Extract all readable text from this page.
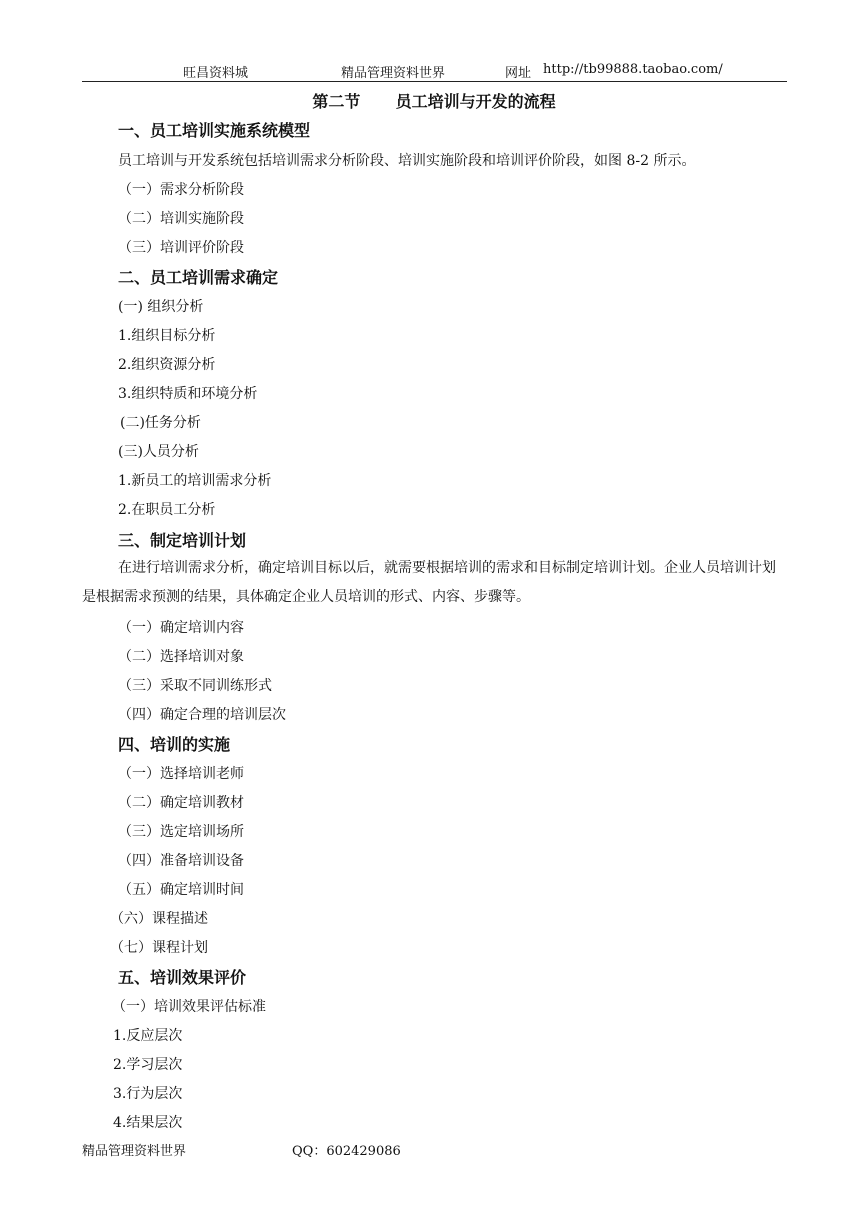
旺昌资料城	精品管理资料世界	网址 http://tb99888.taobao.com/
第二节 员工培训与开发的流程
一、员工培训实施系统模型
员工培训与开发系统包括培训需求分析阶段、培训实施阶段和培训评价阶段，如图 8-2 所示。
（一）需求分析阶段
（二）培训实施阶段
（三）培训评价阶段
二、员工培训需求确定
(一) 组织分析
1.组织目标分析
2.组织资源分析
3.组织特质和环境分析
(二)任务分析
(三)人员分析
1.新员工的培训需求分析
2.在职员工分析
三、制定培训计划
在进行培训需求分析，确定培训目标以后，就需要根据培训的需求和目标制定培训计划。企业人员培训计划是根据需求预测的结果，具体确定企业人员培训的形式、内容、步骤等。
（一）确定培训内容
（二）选择培训对象
（三）采取不同训练形式
（四）确定合理的培训层次
四、培训的实施
（一）选择培训老师
（二）确定培训教材
（三）选定培训场所
（四）准备培训设备
（五）确定培训时间
（六）课程描述
（七）课程计划
五、培训效果评价
（一）培训效果评估标准
1.反应层次
2.学习层次
3.行为层次
4.结果层次
精品管理资料世界	QQ：602429086
